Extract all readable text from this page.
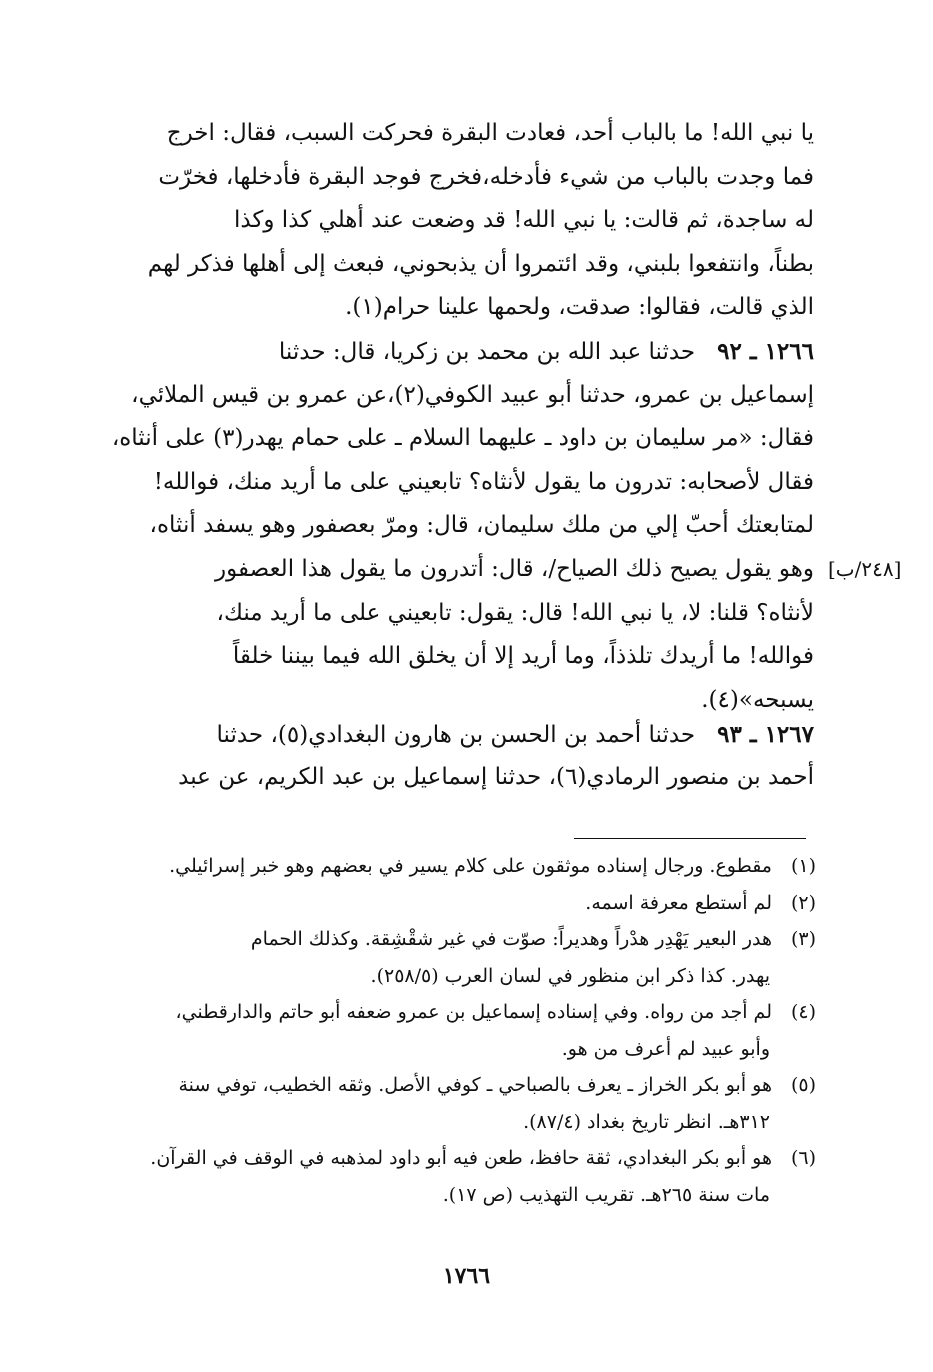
يا نبي الله! ما بالباب أحد، فعادت البقرة فحركت السبب، فقال: اخرج
فما وجدت بالباب من شيء فأدخله،فخرج فوجد البقرة فأدخلها، فخرّت
له ساجدة، ثم قالت: يا نبي الله! قد وضعت عند أهلي كذا وكذا
بطناً، وانتفعوا بلبني، وقد ائتمروا أن يذبحوني، فبعث إلى أهلها فذكر لهم
الذي قالت، فقالوا: صدقت، ولحمها علينا حرام(١).
١٢٦٦ ـ ٩٢   حدثنا عبد الله بن محمد بن زكريا، قال: حدثنا
إسماعيل بن عمرو، حدثنا أبو عبيد الكوفي(٢)،عن عمرو بن قيس الملائي،
فقال: «مر سليمان بن داود ـ عليهما السلام ـ على حمام يهدر(٣) على أنثاه،
فقال لأصحابه: تدرون ما يقول لأنثاه؟ تابعيني على ما أريد منك، فوالله!
لمتابعتك أحبّ إلي من ملك سليمان، قال: ومرّ بعصفور وهو يسفد أنثاه،
وهو يقول يصيح ذلك الصياح/، قال: أتدرون ما يقول هذا العصفور
لأنثاه؟ قلنا: لا، يا نبي الله! قال: يقول: تابعيني على ما أريد منك،
فوالله! ما أريدك تلذذاً، وما أريد إلا أن يخلق الله فيما بيننا خلقاً
يسبحه»(٤).
١٢٦٧ ـ ٩٣   حدثنا أحمد بن الحسن بن هارون البغدادي(٥)، حدثنا
أحمد بن منصور الرمادي(٦)، حدثنا إسماعيل بن عبد الكريم، عن عبد
[٢٤٨/ب]
(١)مقطوع. ورجال إسناده موثقون على كلام يسير في بعضهم وهو خبر إسرائيلي.
(٢)لم أستطع معرفة اسمه.
(٣)هدر البعير يَهْدِر هدْراً وهديراً: صوّت في غير شقْشِقة. وكذلك الحمام
يهدر. كذا ذكر ابن منظور في لسان العرب (٢٥٨/٥).
(٤)لم أجد من رواه. وفي إسناده إسماعيل بن عمرو ضعفه أبو حاتم والدارقطني،
وأبو عبيد لم أعرف من هو.
(٥)هو أبو بكر الخراز ـ يعرف بالصباحي ـ كوفي الأصل. وثقه الخطيب، توفي سنة
٣١٢هـ. انظر تاريخ بغداد (٨٧/٤).
(٦)هو أبو بكر البغدادي، ثقة حافظ، طعن فيه أبو داود لمذهبه في الوقف في القرآن.
مات سنة ٢٦٥هـ. تقريب التهذيب (ص ١٧).
١٧٦٦
